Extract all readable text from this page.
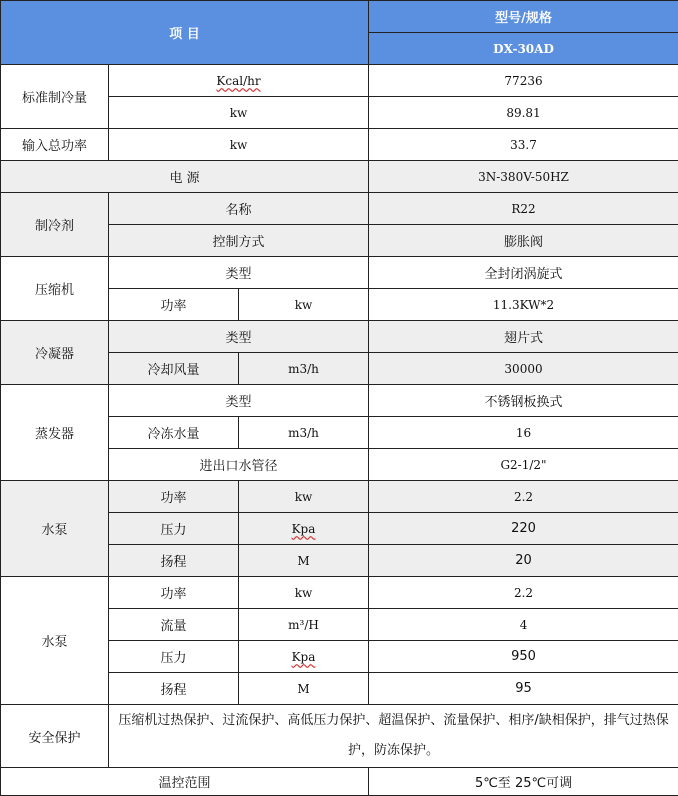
项 目			型号/规格
			DX-30AD
标准制冷量	Kcal/hr		77236
	kw		89.81
输入总功率	kw		33.7
电 源			3N-380V-50HZ
制冷剂	名称		R22
	控制方式		膨胀阀
压缩机	类型		全封闭涡旋式
	功率	kw	11.3KW*2
冷凝器	类型		翅片式
	冷却风量	m3/h	30000
蒸发器	类型		不锈钢板换式
	冷冻水量	m3/h	16
	进出口水管径		G2-1/2"
水泵	功率	kw	2.2
	压力	Kpa	220
	扬程	M	20
水泵	功率	kw	2.2
	流量	m³/H	4
	压力	Kpa	950
	扬程	M	95
安全保护	压缩机过热保护、过流保护、高低压力保护、超温保护、流量保护、相序/缺相保护，排气过热保护，防冻保护。		
温控范围			5℃至 25℃可调
